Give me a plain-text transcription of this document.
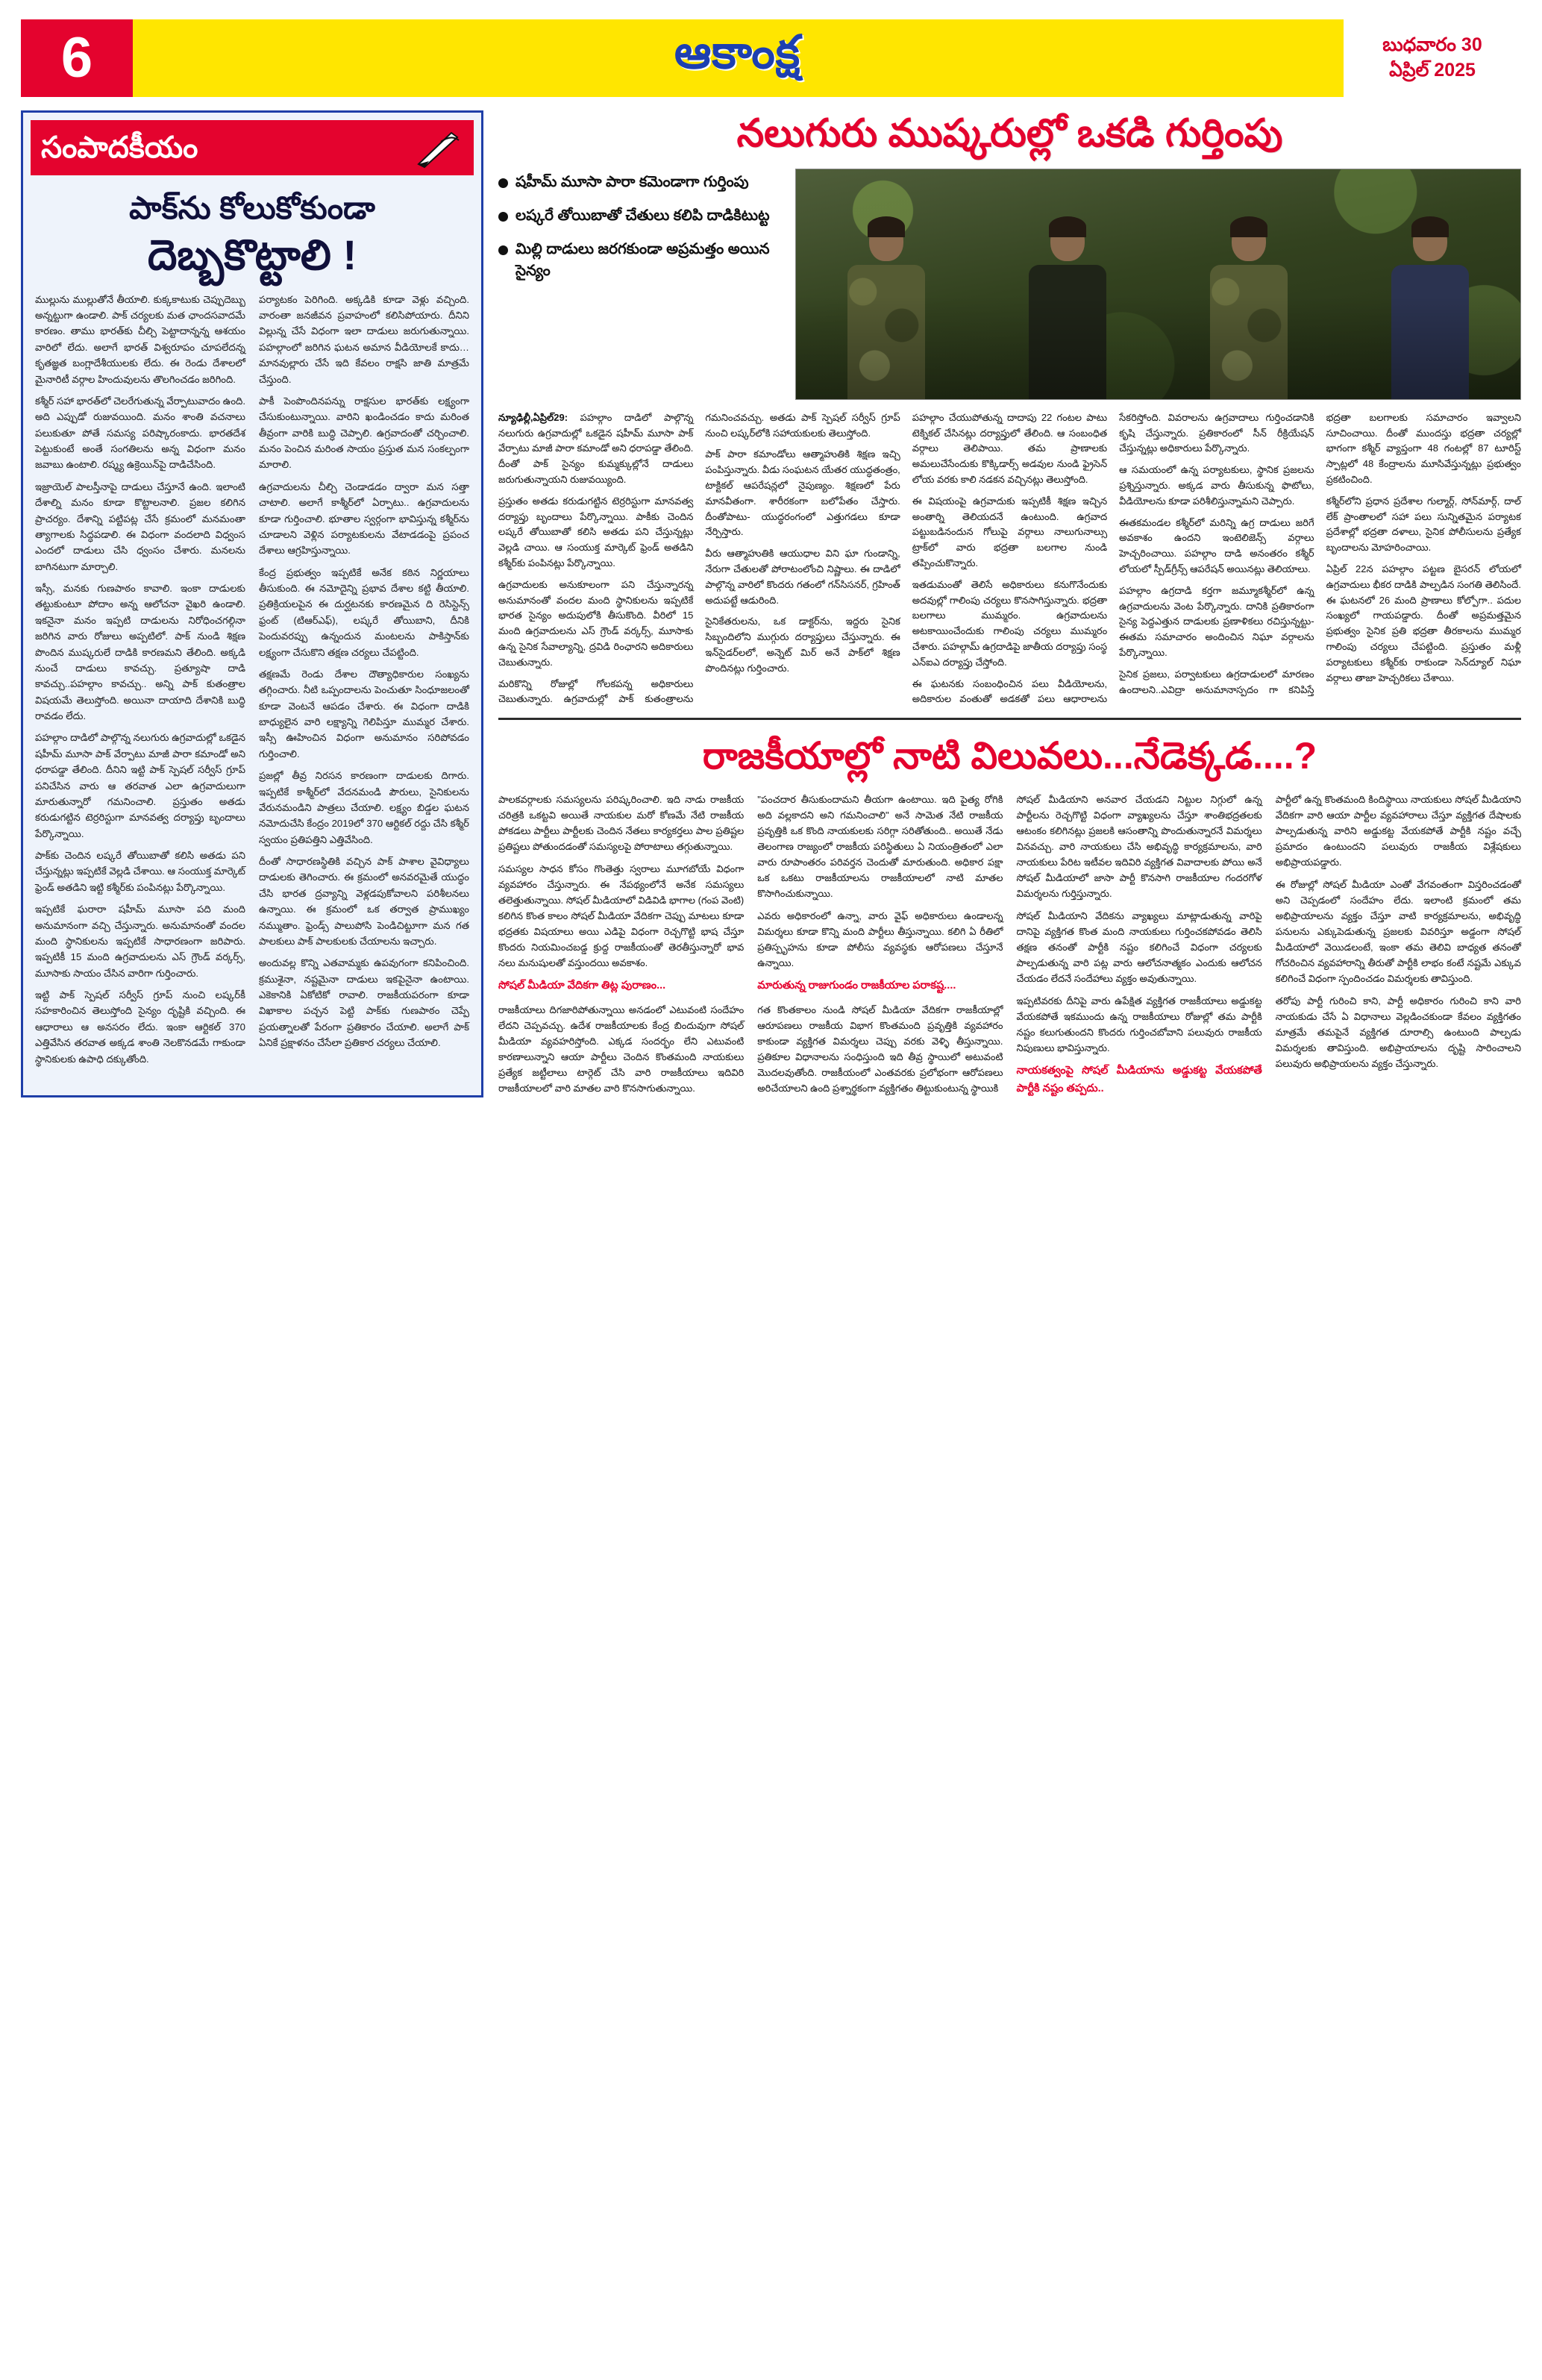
6	ఆకాంక్ష	బుధవారం 30
ఏప్రిల్ 2025
సంపాదకీయం
పాక్‌ను కోలుకోకుండా
దెబ్బకొట్టాలి !

ముల్లును ముల్లుతోనే తీయాలి. కుక్కకాటుకు చెప్పుదెబ్బు అన్నట్టుగా ఉండాలి. పాక్‌ చర్యలకు మత ఛాందసవాదమే కారణం. తాము భారత్‌కు చీల్చి పెట్టాదాన్నన్న ఆశయం వారిలో లేదు. అలాగే భారత్‌ విశ్వరూపం చూపలేదన్న కృతజ్ఞత బంగ్లాదేశీయులకు లేదు. ఈ రెండు దేశాలలో మైనారిటీ వర్గాల హిందువులను తొలగించడం జరిగింది.

కశ్మీర్‌ సహా భారత్‌లో చెలరేగుతున్న వేర్పాటువాదం ఉంది. అది ఎప్పుడో రుజువయింది. మనం శాంతి వచనాలు పలుకుతూ పోతే సమస్య పరిష్కారంకాదు. భారతదేశ పెట్టుకుంటే అంతే సంగతిలను అన్న విధంగా మనం జవాబు ఉంటాలి. రష్మ్య ఉక్రెయిన్‌పై దాడిచేసింది.

ఇజ్రాయెల్‌ పాలస్తీనాపై దాడులు చేస్తూనే ఉంది. ఇలాంటి దేశాల్ని మనం కూడా కొట్టాలనాలి. ప్రజల కలిగిన ప్రాచర్యం. దేశాన్ని పట్టిపట్ల చేసే క్రమంలో మనమంతా త్యాగాలకు సిద్ధపడాలి. ఈ విధంగా వందలాది విధ్వంస ఎందలో దాడులు చేసి ధ్వంసం చేశారు. మనలను బాగినటుగా మార్చాలి.

ఇస్సీ, మనకు గుణపాఠం కావాలి. ఇంకా దాడులకు తట్టుకుంటూ పోదాం అన్న ఆలోచనా వైఖరి ఉండాలి. ఇకనైనా మనం ఇప్పటి దాడులను నిరోధించగల్గినా జరిగిన వారు రోజులు అప్పటిలో. పాక్‌ నుండి శిక్షణ పొందిన ముష్కరులే దాడికి కారణమని తేలింది. అక్కడి నుంచే దాడులు కావచ్చు. ప్రత్యూషా దాడి కావచ్చు..పహల్గాం కావచ్చు.. అన్ని పాక్‌ కుతంత్రాల విషయమే తెలుస్తోంది. అయినా దాయాది దేశానికి బుద్ధి రావడం లేదు.

పహల్గాం దాడిలో పాల్గొన్న నలుగురు ఉగ్రవాదుల్లో ఒకడైన షహీమ్‌ మూసా పాక్‌ వేర్పాటు మాజీ పారా కమాండో అని ధరాపడ్డా తేలింది. దీనిని ఇట్టి పాక్‌ స్పెషల్‌ సర్వీస్‌ గ్రూప్‌ పనిచేసిన వారు ఆ తరవాత ఎలా ఉగ్రవాదులుగా మారుతున్నారో గమనించాలి. ప్రస్తుతం అతడు కరుడుగట్టిన టెర్రరిస్టుగా మానవత్వ దర్యాప్తు బృందాలు పేర్కొన్నాయి.

పాక్‌కు చెందిన లష్కరే తోయిబాతో కలిసి అతడు పని చేస్తున్నట్లు ఇప్పటికే వెల్లడి చేశాయి. ఆ సంయుక్త మార్కెట్‌ ఫ్రెండ్ అతడిని ఇట్టి కశ్మీర్‌కు పంపినట్లు పేర్కొన్నాయి.

ఇప్పటికే ఘరారా షహీమ్‌ మూసా పది మంది అనుమానంగా వచ్చి చేస్తున్నారు. అనుమానంతో వందల మంది స్థానికులను ఇప్పటికే సాధారణంగా జరిపారు. ఇప్పటికీ 15 మంది ఉగ్రవాదులను ఎస్‌ గ్రౌండ్‌ వర్కర్స్‌, మూసాకు సాయం చేసిన వారిగా గుర్తించారు.

ఇట్టి పాక్‌ స్పెషల్‌ సర్వీస్‌ గ్రూప్‌ నుంచి లష్కర్‌కీ సహకారించిన తెలుస్తోంది సైన్యం దృష్టికి వచ్చింది. ఈ ఆధారాలు ఆ అనసరం లేదు. ఇంకా ఆర్టికల్‌ 370 ఎత్తివేసిన తరవాత అక్కడ శాంతి నెలకొనడమే గాకుండా స్థానికులకు ఉపాధి దక్కుతోంది.

పర్యాటకం పెరిగింది. అక్కడికి కూడా వెళ్లు వచ్చింది. వారంతా జనజీవన ప్రవాహంలో కలిసిపోయారు. దీనిని విల్లున్న చేసే విధంగా ఇలా దాడులు జరుగుతున్నాయి. పహల్గాంలో జరిగిన ఘటన అమాన వీడియోలకే కాదు… మానవుల్లారు చేసే ఇది కేవలం రాక్షసి జాతి మాత్రమే చేస్తుంది.

పాకీ పెంపొందినపన్ను రాక్షసుల భారత్‌కు లక్ష్యంగా చేసుకుంటున్నాయి. వారిని ఖండించడం కాదు మరింత తీవ్రంగా వారికి బుద్ధి చెప్పాలి. ఉగ్రవాదంతో చర్చించాలి. మనం పెంచిన మరింత సాయం ప్రస్తుత మన సంకల్పంగా మారాలి.

ఉగ్రవాదులను చీల్చి చెండాడడం ద్వారా మన సత్తా చాటాలి. అలాగే కాశ్మీర్‌లో ఏర్పాటు.. ఉగ్రవాదులను కూడా గుర్తించాలి. భూతాల స్వర్గంగా భావిస్తున్న కశ్మీర్‌ను చూడాలని వెళ్లిన పర్యాటకులను వేటాడడంపై ప్రపంచ దేశాలు ఆగ్రహిస్తున్నాయి.

కేంద్ర ప్రభుత్వం ఇప్పటికే అనేక కఠిన నిర్ణయాలు తీసుకుంది. ఈ నమోదైన్ని ప్రభావ దేశాల కట్టి తీయాలి. ప్రతిక్రియలపైన ఈ దుర్ఘటనకు కారణమైన ది రెసిస్టెన్స్‌ ఫ్రంట్‌ (టిఆర్‌ఎఫ్‌), లష్కరే తోయిబాని, దీనికి పెందువరప్పు ఉన్నందున మంటలను పాకిస్తాన్‌కు లక్ష్యంగా చేసుకొని తక్షణ చర్యలు చేపట్టింది.

తక్షణమే రెండు దేశాల దౌత్యాధికారుల సంఖ్యను తగ్గించారు. నీటి ఒప్పందాలను పెంచుతూ సింధూజలంతో కూడా వెంటనే ఆపడం చేశారు. ఈ విధంగా దాడికి బాధ్యులైన వారి లక్ష్యాన్ని గెలిపిస్తూ ముమ్మర చేశారు. ఇస్సీ ఊహించిన విధంగా అనుమానం సరిపోవడం గుర్తించాలి.

ప్రజల్లో తీవ్ర నిరసన కారణంగా దాడులకు దిగారు. ఇప్పటికే కాశ్మీర్‌లో వేదనమండి పౌరులు, సైనికులను వేరునమండిని పాత్రలు చేయాలి. లక్ష్యం బిడ్డల ఘటన నమోదుచేసి కేంద్రం 2019లో 370 ఆర్టికల్‌ రద్దు చేసి కశ్మీర్‌ స్వయం ప్రతిపత్తిని ఎత్తివేసింది.

దీంతో సాధారణస్థితికి వచ్చిన పాక్‌ పాశాల వైవిధ్యాలు దాడులకు తెగించారు. ఈ క్రమంలో అనవరమైతే యుద్ధం చేసి భారత ద్రవ్యాన్ని వెళ్లడపుకోవాలని పరిశీలనలు ఉన్నాయి. ఈ క్రమంలో ఒక తర్వాత ప్రాముఖ్యం నమ్ముతాం. ఫ్రెండ్స్‌ పాలుపోసి పెండిచిట్టూగా మన గత పాలకులు పాక్‌ పాలకులకు చేయాలను ఇచ్చారు.

అందువల్ల కొన్ని ఎతవామ్మకు ఉపవుగంగా కనిపించింది. క్రముశైనా, నష్టమైనా దాడులు ఇకపైనైనా ఉంటాయి. ఎకెకానికి ఏకోటికో రావాలి. రాజకీయపరంగా కూడా విఖాకాల పచ్చన పెట్టి పాక్‌కు గుణపాఠం చెప్పే ప్రయత్నాలతో పేరంగా ప్రతికారం చేయాలి. అలాగే పాక్‌ ఏనికే ప్రక్షాళనం చేసేలా ప్రతికార చర్యలు చేయాలి.

నలుగురు ముష్కరుల్లో ఒకడి గుర్తింపు
షహీమ్‌ మూసా పారా కమెండాగా గుర్తింపు
లష్కరే తోయిబాతో చేతులు కలిపి దాడికిటుట్ట
మిల్లి దాడులు జరగకుండా అప్రమత్తం అయిన సైన్యం

న్యూఢిల్లీ,ఏప్రిల్‌29: పహల్గాం దాడిలో పాల్గొన్న నలుగురు ఉగ్రవాదుల్లో ఒకడైన షహీమ్‌ మూసా పాక్‌ వేర్పాటు మాజీ పారా కమాండో అని ధరాపడ్డా తేలింది. దీంతో పాక్‌ సైన్యం కుమ్మక్కుల్లోనే దాడులు జరుగుతున్నాయని రుజువయ్యింది.

ప్రస్తుతం అతడు కరుడుగట్టిన టెర్రరిస్టుగా మానవత్వ దర్యాప్తు బృందాలు పేర్కొన్నాయి. పాకీకు చెందిన లష్కరే తోయిబాతో కలిసి అతడు పని చేస్తున్నట్లు వెల్లడి చాయి. ఆ సంయుక్త మార్కెట్‌ ఫ్రెండ్ అతడిని కశ్మీర్‌కు పంపినట్లు పేర్కొన్నాయి.

ఉగ్రవాదులకు అనుకూలంగా పని చేస్తున్నారన్న అనుమానంతో వందల మంది స్థానికులను ఇప్పటికే భారత సైన్యం అదుపులోకి తీసుకొంది. వీరిలో 15 మంది ఉగ్రవాదులను ఎస్‌ గ్రౌండ్‌ వర్కర్స్‌, మూసాకు ఉన్న సైనిక సేవాల్యాన్ని, ద్రవిడి రింఛారని అదికారులు చెబుతున్నారు.

మరికొన్ని రోజుల్లో గోలకపన్న అధికారులు చెబుతున్నారు. ఉగ్రవాదుల్లో పాక్‌ కుతంత్రాలను గమనించవచ్చు. అతడు పాక్‌ స్పెషల్‌ సర్వీస్‌ గ్రూప్‌ నుంచి లష్కర్‌లోకి సహాయకులకు తెలుస్తోంది.

పాక్‌ పారా కమాండోలు ఆత్మాహుతికి శిక్షణ ఇచ్చి పంపిస్తున్నారు. వీడు సంఘటన యేతర యుద్ధతంత్రం, టాక్టికల్‌ ఆపరేషన్లలో నైపుణ్యం. శిక్షణలో పేరు మానవీతంగా. శారీరకంగా బలోపేతం చేస్తారు. దీంతోపాటు- యుద్ధరంగంలో ఎత్తుగడలు కూడా నేర్పిస్తారు.

వీరు ఆత్మాహుతికి ఆయుధాల విని ఘా గుండాన్ని, నేరుగా చేతులతో పోరాటంలోంచి నిష్ణాలు. ఈ దాడిలో పాల్గొన్న వారిలో కొందరు గతంలో గన్‌సిసనర్‌, గ్రహింత్‌ అదుపట్టే ఆడురింది.

సైనికేతరులను, ఒక డాక్టర్‌ను, ఇద్దరు సైనిక సిబ్బందిలోని ముగ్గురు దర్యాప్తులు చేస్తున్నారు. ఈ ఇన్‌సైడర్‌లలో, అన్నెట్‌ మిర్‌ అనే పాక్‌లో శిక్షణ పొందినట్లు గుర్తించారు.

పహల్గాం చేయుపోతున్న దాదాపు 22 గంటల పాటు టెక్నికల్‌ చేసినట్లు దర్యాప్తులో తేలింది. ఆ సంబంధిత వర్గాలు తెలిపాయి. తమ ప్రాణాలకు అమలుచేసేందుకు కొక్కిడార్స్‌ అడవుల నుండి ఫ్రైసెన్‌ లోయ వరకు కాలి నడకన వచ్చినట్లు తెలుస్తోంది.

ఈ విషయంపై ఉగ్రవాదుకు ఇప్పటికీ శిక్షణ ఇచ్చిన అంతార్ని తెలియదనే ఉంటుంది. ఉగ్రవాద పట్టుబడినందున గోలుపై వర్గాలు నాలుగునాల్సు ట్రాక్‌లో వారు భద్రతా బలగాల నుండి తప్పించుకొన్నారు.

ఇతడుమంతో తెలిసే అధికారులు కనుగొనేందుకు అదవుల్లో గాలింపు చర్యలు కొనసాగిస్తున్నారు. భద్రతా బలగాలు ముమ్మరం. ఉగ్రవాదులను అటకాయించేందుకు గాలింపు చర్యలు ముమ్మరం చేశారు. పహల్గామ్‌ ఉగ్రదాడిపై జాతీయ దర్యాప్తు సంస్థ ఎన్‌ఐఎ దర్యాప్తు చేస్తోంది.

ఈ ఘటనకు సంబంధించిన పలు వీడియోలను, అదికారుల వంతుతో అడకతో పలు ఆధారాలను సేకరిస్తోంది. వివరాలను ఉగ్రవాదాలు గుర్తించడానికి కృషి చేస్తున్నారు. ప్రతికారంలో సీన్‌ రీక్రియేషన్‌ చేస్తున్నట్లు అధికారులు పేర్కొన్నారు.

ఆ సమయంలో ఉన్న పర్యాటకులు, స్థానిక ప్రజలను ప్రశ్నిస్తున్నారు. అక్కడ వారు తీసుకున్న ఫొటోలు, వీడియోలను కూడా పరిశీలిస్తున్నామని చెప్పారు.

ఈతకమండల కశ్మీర్‌లో మరిన్ని ఉగ్ర దాడులు జరిగే అవకాశం ఉందని ఇంటెలిజెన్స్‌ వర్గాలు హెచ్చరించాయి. పహల్గాం దాడి అనంతరం కశ్మీర్‌ లోయలో స్పీడ్‌గ్రీన్స్‌ ఆపరేషన్‌ అయినట్లు తెలియాలు.

పహల్గాం ఉగ్రదాడి కర్తగా జమ్మూకశ్మీర్‌లో ఉన్న ఉగ్రవాదులను వెంట పేర్కొన్నారు. దానికి ప్రతికారంగా సైన్య పెద్దఎత్తున దాడులకు ప్రణాళికలు రచిస్తున్నట్టు- ఈతమ సమాచారం అందించిన నిఘా వర్గాలను పేర్కొన్నాయి.

సైనిక ప్రజలు, పర్వాటకులు ఉగ్రదాడులలో మారణం ఉందాలని..ఎవిద్రా అనుమానాస్పదం గా కనిపిస్తే భద్రతా బలగాలకు సమాచారం ఇవ్వాలని సూచించాయి. దీంతో ముందస్తు భద్రతా చర్యల్లో భాగంగా కశ్మీర్‌ వ్యాప్తంగా 48 గంటల్లో 87 టూరిస్ట్‌ స్పాట్లలో 48 కేంద్రాలను మూసివేస్తున్నట్లు ప్రభుత్వం ప్రకటించింది.

కశ్మీర్‌లోని ప్రధాన ప్రదేశాల గుల్మార్గ్‌, సోన్‌మార్గ్‌, దాల్‌ లేక్‌ ప్రాంతాలలో సహా పలు సున్నితమైన పర్యాటక ప్రదేశాల్లో భద్రతా దళాలు, సైనిక పోలీసులను ప్రత్యేక బృందాలను మోహరించాయి.

ఏప్రిల్‌ 22న పహల్గాం పట్టణ బైసరన్‌ లోయలో ఉగ్రవాదులు భీకర దాడికి పాల్పడిన సంగతి తెలిసిందే. ఈ ఘటనలో 26 మంది ప్రాణాలు కోల్పోగా.. పదుల సంఖ్యలో గాయపడ్డారు. దీంతో అప్రమత్తమైన ప్రభుత్వం సైనిక ప్రతి భద్రతా తీరకాలను ముమ్మర గాలింపు చర్యలు చేపట్టింది. ప్రస్తుతం మళ్లీ పర్యాటకులు కశ్మీర్‌కు రాకుండా సెన్‌ద్యూల్‌ నిఘా వర్గాలు తాజా హెచ్చరికలు చేశాయి.

రాజకీయాల్లో నాటి విలువలు...నేడెక్కడ....?

పాలకవర్గాలకు సమస్యలను పరిష్కరించాలి. ఇది నాడు రాజకీయ చరిత్రకి ఒకట్టవి అయితే నాయకుల మరో కోణమే నేటి రాజకీయ పోకడలు పార్టీలు పార్టీలకు చెందిన నేతలు కార్యకర్తలు పాల ప్రతిష్టల ప్రతిష్టలు పోతుందడంతో సమస్యలపై పోరాటాలు తగ్గుతున్నాయి.

సమస్యల సాధన కోసం గొంతెత్తు స్వరాలు మూగబోయే విధంగా వ్యవహారం చేస్తున్నారు. ఈ నేపథ్యంలోనే అనేక సమస్యలు తలెత్తుతున్నాయి. సోషల్‌ మీడియాలో విడివిడి భాగాల (గంప వెంటి) కలిగిన కొంత కాలం సోషల్‌ మీడియా వేదికగా చెప్పు మాటలు కూడా భద్రతకు విషయాలు అయి ఎడిపై విధంగా రెచ్చగొట్టి భాష చేస్తూ కొందరు నియమించబడ్డ క్రుద్ద రాజకీయంతో తెరతీస్తున్నారో భావ నలు మనుషులతో వస్తుందయి అవకాశం.

సోషల్‌ మీడియా వేదికగా తిట్ల పురాణం...

రాజకీయాలు దిగజారిపోతున్నాయి అనడంలో ఎటువంటి సందేహం లేదని చెప్పవచ్చు. ఉదేశ రాజకీయాలకు కేంద్ర బిందువుగా సోషల్‌ మీడియా వ్యవహరిస్తోంది. ఎక్కడ సందర్భం లేని ఎటువంటి కారణాలున్నాని ఆయా పార్టీలు చెందిన కొంతమంది నాయకులు ప్రత్యేక జట్టీలాలు టార్గెట్‌ చేసి వారి రాజకీయాలు ఇదివిరి రాజకీయాలలో వారి మాతల వారి కొనసాగుతున్నాయి.

"పంచదార తీసుకుందామని తీయగా ఉంటాయి. ఇది పైత్య రోగికి అది వల్లకాదని అని గమనించాలి" అనే సామెత నేటి రాజకీయ ప్రవృత్తికి ఒక కొంది నాయకులకు సరిగ్గా సరితోతుంది.. అయితే నేడు తెలంగాణ రాజ్యంలో రాజకీయ పరిస్థితులు ఏ నియంత్రితంలో ఎలా వారు రూపాంతరం పరివర్తన చెందుతో మారుతుంది. అధికార పక్షా ఒక ఒకటు రాజకీయాలను రాజకీయాలలో నాటి మాతల కొసాగించుకున్నాయి.

ఎవరు అధికారంలో ఉన్నా, వారు వైఫ్ అధికారులు ఉండాలన్న విమర్శలు కూడా కొన్ని మంది పార్టీలు తీస్తున్నాయి. కలిగి ఏ రీతిలో ప్రతిస్పృహను కూడా పోలీసు వ్యవస్థకు ఆరోపణలు చేస్తూనే ఉన్నాయి.

మారుతున్న రాజుగుండం రాజకీయాల పరాకష్ట....

గత కొంతకాలం నుండి సోషల్‌ మీడియా వేదికగా రాజకీయాల్లో ఆరూపణలు రాజకీయ విభాగ కొంతమంది ప్రవృత్తికి వ్యవహారం కాకుండా వ్యక్తిగత విమర్శలు చెప్పు వరకు వెళ్ళి తీస్తున్నాయి. ప్రతికూల విధానాలను సంధిస్తుంది ఇది తీవ్ర స్థాయిలో అటువంటి మొదలవుతోంది. రాజకీయంలో ఎంతవరకు ప్రలోభంగా ఆరోపణలు అరిచేయాలని ఉంది ప్రశ్నార్థకంగా వ్యక్తిగతం తిట్టుకుంటున్న స్థాయికి

సోషల్‌ మీడియాని అనవార చేయడని నిట్టుల నిగ్గులో ఉన్న పార్టీలను రెచ్చగొట్టి విధంగా వ్యాఖ్యలను చేస్తూ శాంతిభద్రతలకు ఆటంకం కలిగినట్లు ప్రజలకి ఆసంతాన్ని పొందుతున్నారనే విమర్శలు వినవచ్చు. వారి నాయకులు చేసి అభివృద్ధి కార్యక్రమాలను, వారి నాయకులు పేరిట ఇటీవల ఇదివిరి వ్యక్తిగత వివాదాలకు పోయి అనే సోషల్‌ మీడియాలో జాసా పార్టీ కొనసాగి రాజకీయాల గందరగోళ విమర్శలను గుర్తిస్తున్నారు.

సోషల్‌ మీడియాని వేదికను వ్యాఖ్యలు మాట్లాడుతున్న వారిపై దానిపై వ్యక్తిగత కొంత మంది నాయకులు గుర్తించకపోవడం తెలిసి తక్షణ తనంతో పార్టీకి నష్టం కలిగించే విధంగా చర్యలకు పాల్పడుతున్న వారి పట్ల వారు ఆలోచనాత్మకం ఎందుకు ఆలోచన చేయడం లేదనే సందేహాలు వ్యక్తం అవుతున్నాయి.

ఇప్పటివరకు దీనిపై వారు ఉపేక్షిత వ్యక్తిగత రాజకీయాలు అడ్డుకట్ట వేయకపోతే ఇకముందు ఉన్న రాజకీయాలు రోజుల్లో తమ పార్టీకి నష్టం కలుగుతుందని కొందరు గుర్తించబోవాని పలువురు రాజకీయ నిపుణులు భావిస్తున్నారు.

నాయకత్వంపై సోషల్‌ మీడియాను అడ్డుకట్ట వేయకపోతే పార్టీకి నష్టం తప్పదు..

పార్టీలో ఉన్న కొంతమంది కిందిస్థాయి నాయకులు సోషల్‌ మీడియాని వేదికగా వారి ఆయా పార్టీల వ్యవహారాలు చేస్తూ వ్యక్తిగత దేషాలకు పాల్పడుతున్న వారిని అడ్డుకట్ట వేయకపోతే పార్టీకి నష్టం వచ్చే ప్రమాదం ఉంటుందని పలువురు రాజకీయ విశ్లేషకులు అభిప్రాయపడ్డారు.

ఈ రోజుల్లో సోషల్‌ మీడియా ఎంతో వేగవంతంగా విస్తరించడంతో అని చెప్పడంలో సందేహం లేదు. ఇలాంటి క్రమంలో తమ అభిప్రాయాలను వ్యక్తం చేస్తూ వాటి కార్యక్రమాలను, అభివృద్ధి పనులను ఎక్కుపెడుతున్న ప్రజలకు వివరిస్తూ అడ్డంగా సోషల్‌ మీడియాలో వెయిడలంటే, ఇంకా తమ తెలివి బాధ్యత తనంతో గోచరించిన వ్యవహారాన్ని తీరుతో పార్టీకి లాభం కంటే నష్టమే ఎక్కువ కలిగించే విధంగా స్పందించడం విమర్శలకు తావిస్తుంది.

తరోపు పార్టీ గురించి కాని, పార్టీ అధికారం గురించి కాని వారి నాయకుడు చేసే ఏ విధానాలు వెల్లడించకుండా కేవలం వ్యక్తిగతం మాత్రమే తమపైనే వ్యక్తిగత దూరాల్సి ఉంటుంది పాల్పడు విమర్శలకు తావిస్తుంది. అభిప్రాయాలను దృష్టి సారించాలని పలువురు అభిప్రాయలను వ్యక్తం చేస్తున్నారు.
